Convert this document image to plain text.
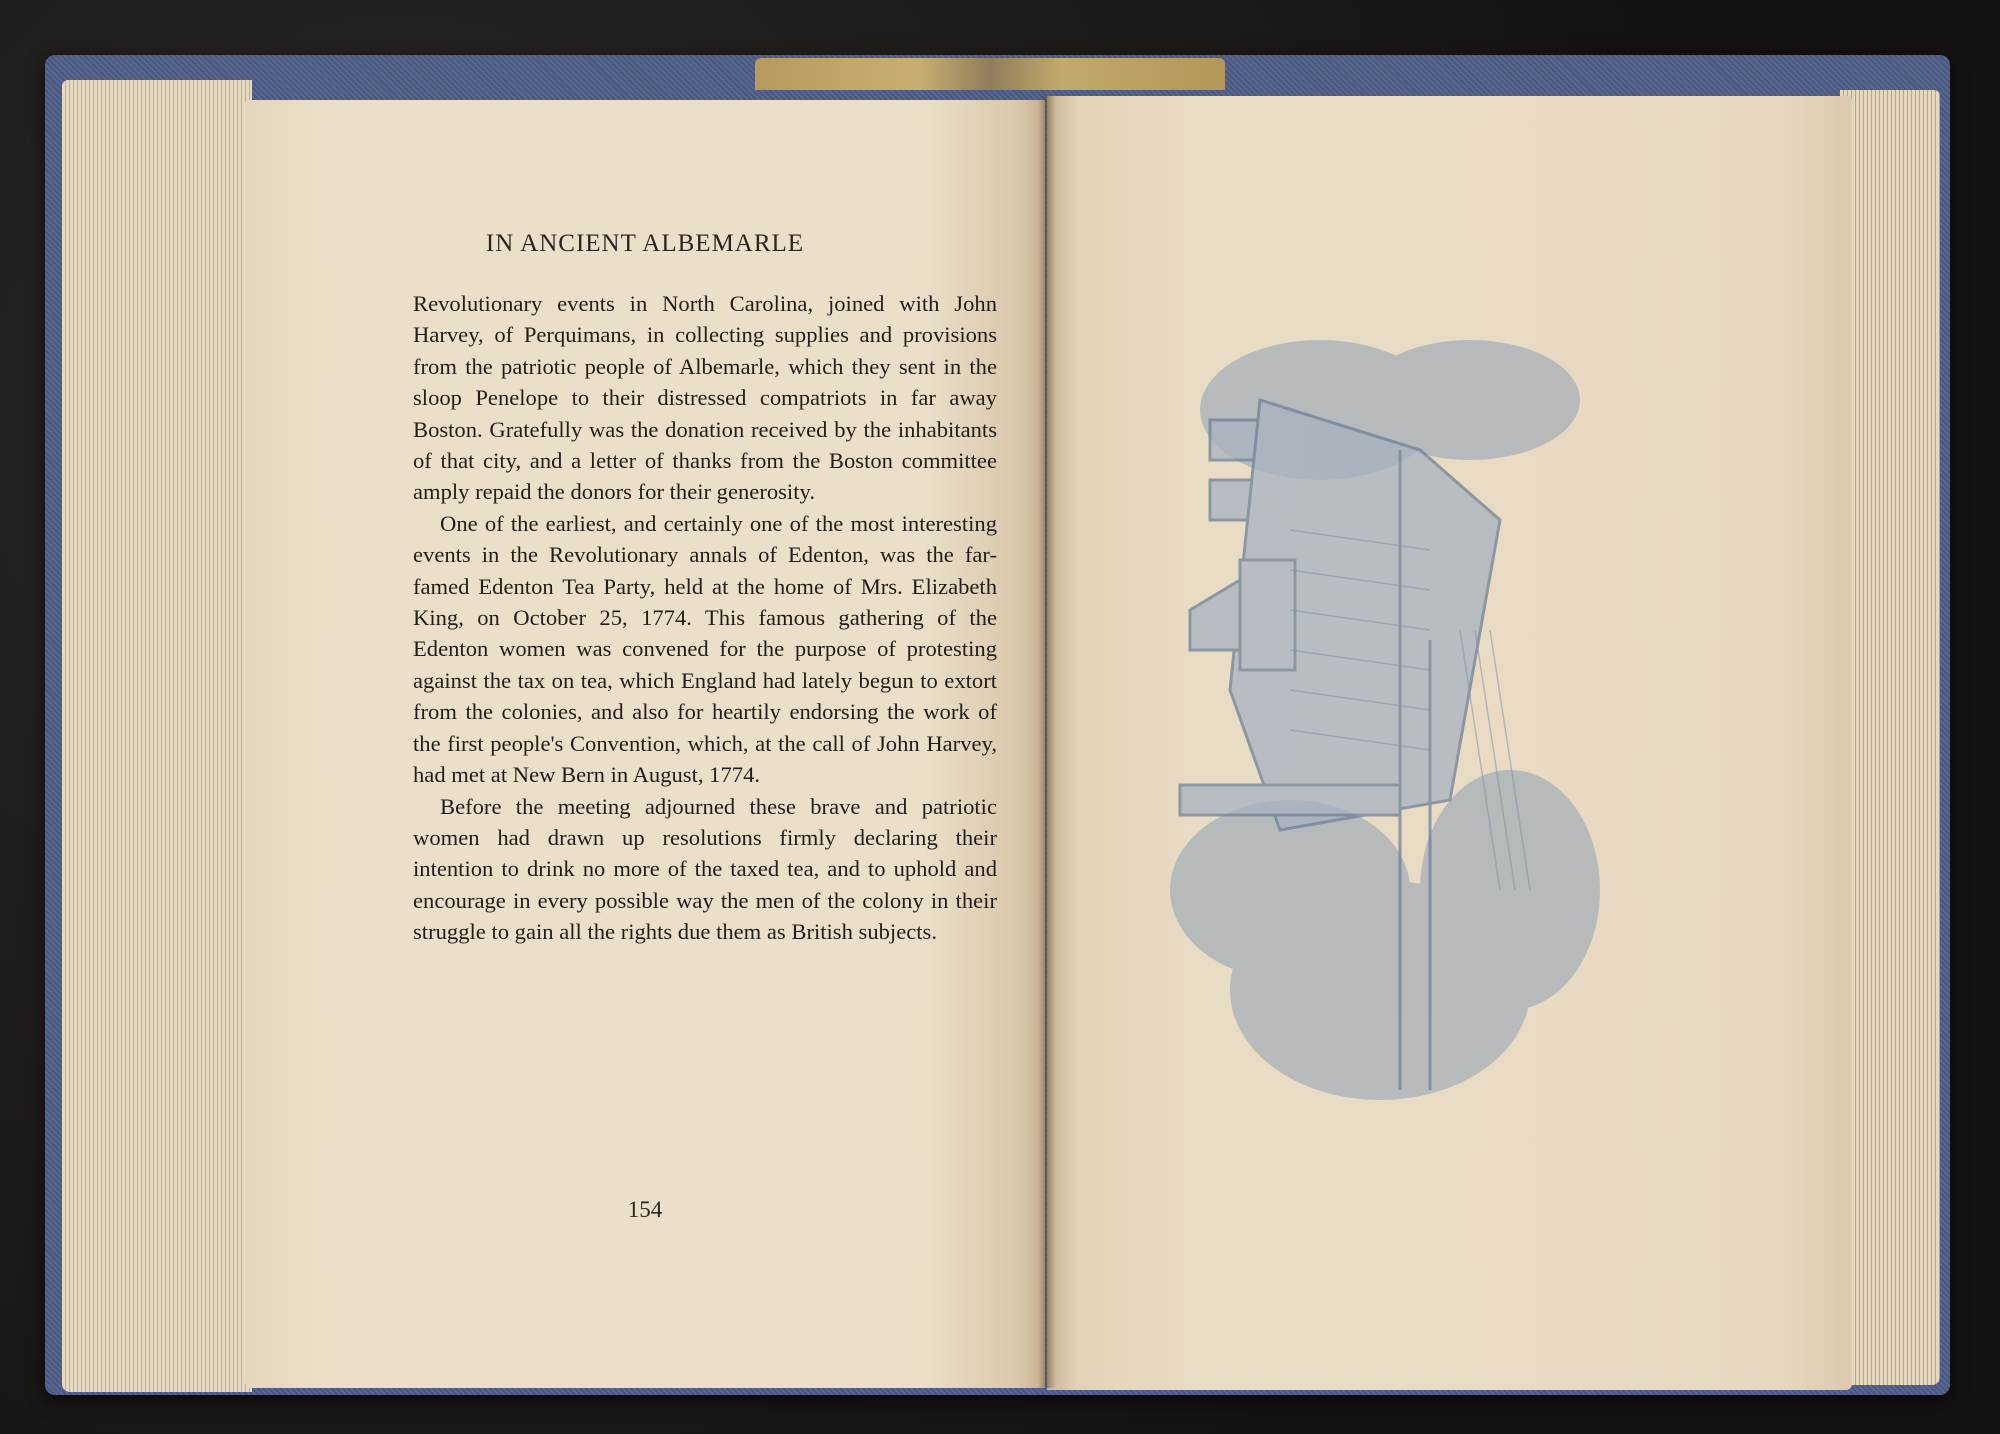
IN ANCIENT ALBEMARLE

Revolutionary events in North Carolina, joined with John Harvey, of Perquimans, in collecting supplies and provisions from the patriotic people of Albemarle, which they sent in the sloop Penelope to their distressed compatriots in far away Boston. Gratefully was the donation received by the inhabitants of that city, and a letter of thanks from the Boston committee amply repaid the donors for their generosity.

One of the earliest, and certainly one of the most interesting events in the Revolutionary annals of Edenton, was the far-famed Edenton Tea Party, held at the home of Mrs. Elizabeth King, on October 25, 1774. This famous gathering of the Edenton women was convened for the purpose of protesting against the tax on tea, which England had lately begun to extort from the colonies, and also for heartily endorsing the work of the first people's Convention, which, at the call of John Harvey, had met at New Bern in August, 1774.

Before the meeting adjourned these brave and patriotic women had drawn up resolutions firmly declaring their intention to drink no more of the taxed tea, and to uphold and encourage in every possible way the men of the colony in their struggle to gain all the rights due them as British subjects.

154
